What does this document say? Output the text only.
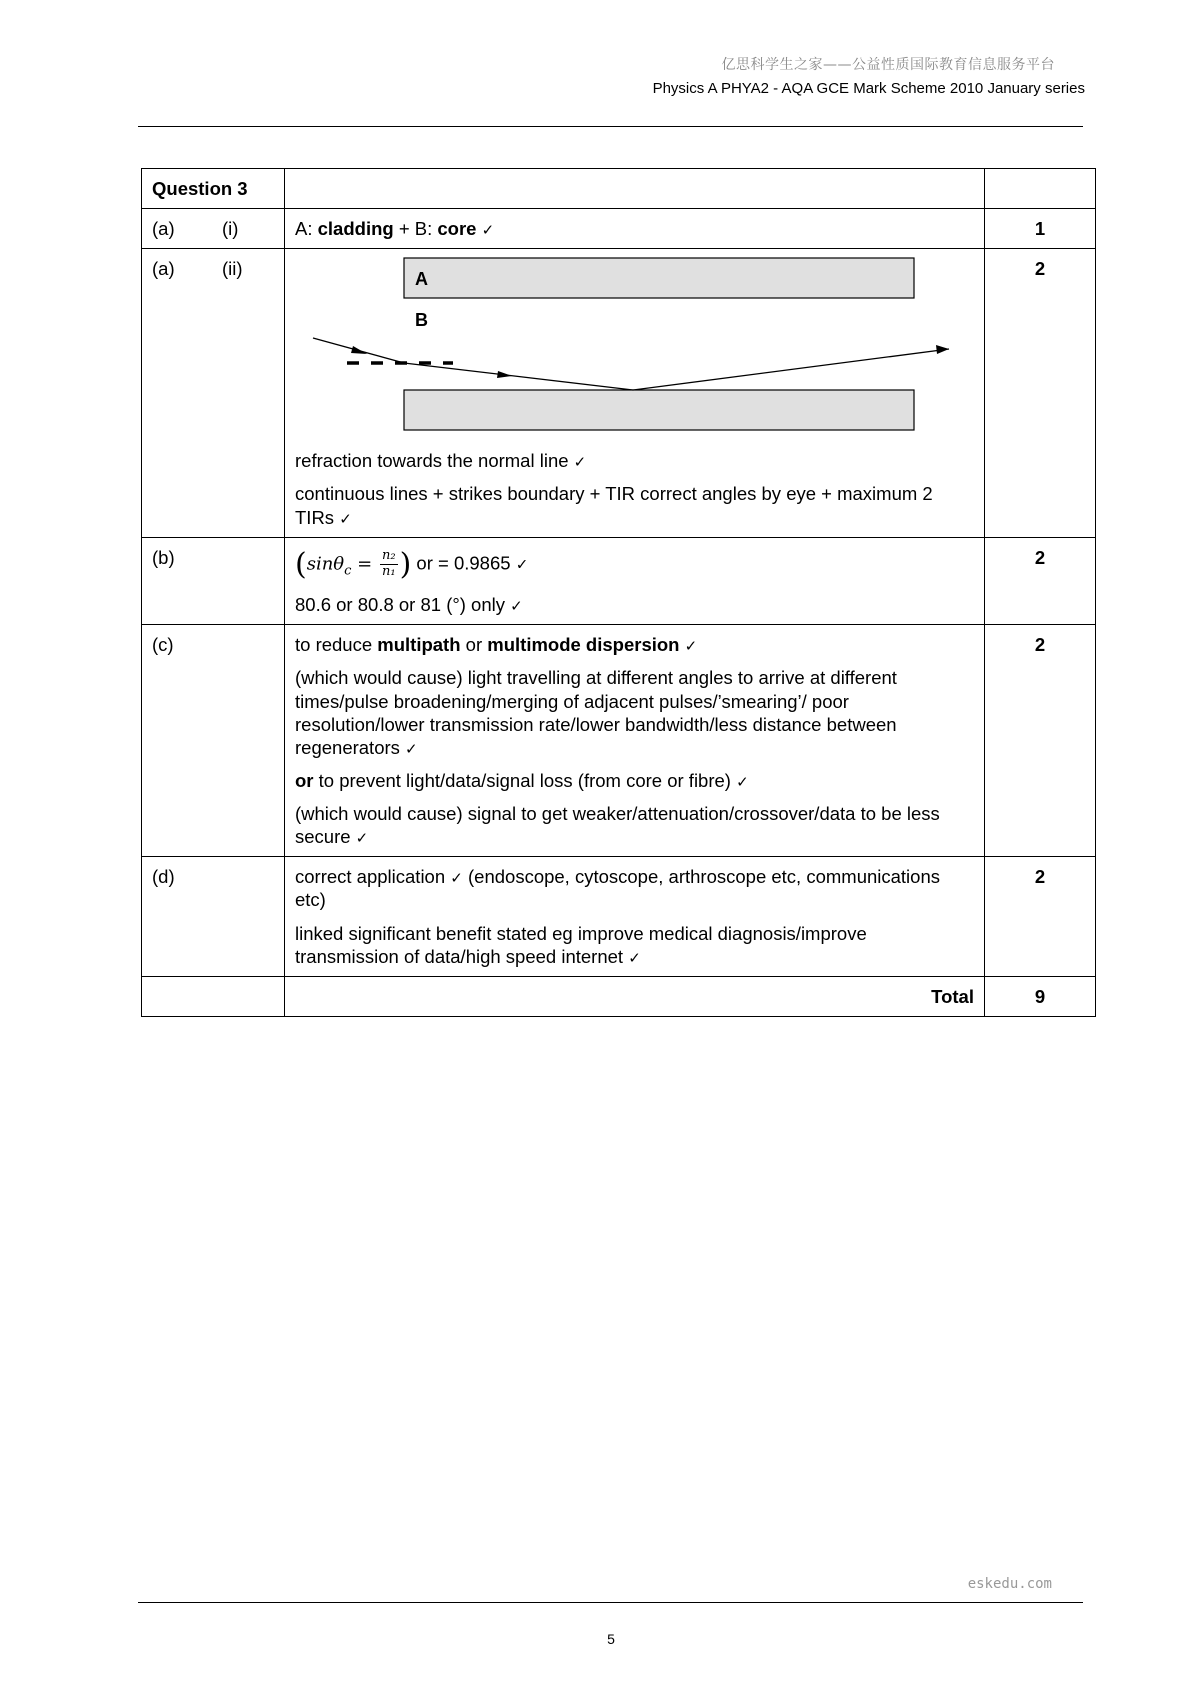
亿思科学生之家——公益性质国际教育信息服务平台
Physics A PHYA2 - AQA GCE Mark Scheme 2010 January series
Question 3		
(a) (i)	A: cladding + B: core ✓	1
(a) (ii)	A
B

refraction towards the normal line ✓

continuous lines + strikes boundary + TIR correct angles by eye + maximum 2 TIRs ✓	2
(b)	($\sin\theta_c = \frac{\text{n₂}}{\text{n₁}}$ ) or = 0.9865 ✓

80.6 or 80.8 or 81 (°) only ✓	2
(c)	to reduce multipath or multimode dispersion ✓

(which would cause) light travelling at different angles to arrive at different times/pulse broadening/merging of adjacent pulses/’smearing’/ poor resolution/lower transmission rate/lower bandwidth/less distance between regenerators ✓

or to prevent light/data/signal loss (from core or fibre) ✓

(which would cause) signal to get weaker/attenuation/crossover/data to be less secure ✓	2
(d)	correct application ✓ (endoscope, cytoscope, arthroscope etc, communications etc)

linked significant benefit stated eg improve medical diagnosis/improve transmission of data/high speed internet ✓	2
	Total	9
eskedu.com
5
